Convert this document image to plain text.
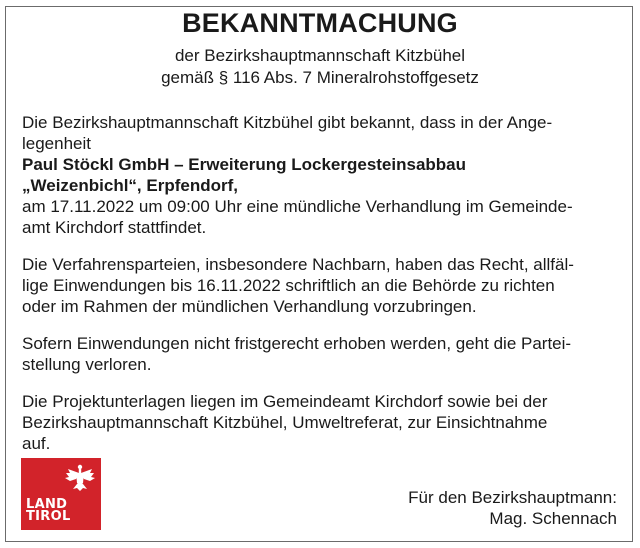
BEKANNTMACHUNG
der Bezirkshauptmannschaft Kitzbühel
gemäß § 116 Abs. 7 Mineralrohstoffgesetz

Die Bezirkshauptmannschaft Kitzbühel gibt bekannt, dass in der Ange-
legenheit
Paul Stöckl GmbH – Erweiterung Lockergesteinsabbau
„Weizenbichl“, Erpfendorf,
am 17.11.2022 um 09:00 Uhr eine mündliche Verhandlung im Gemeinde-
amt Kirchdorf stattfindet.

Die Verfahrensparteien, insbesondere Nachbarn, haben das Recht, allfäl-
lige Einwendungen bis 16.11.2022 schriftlich an die Behörde zu richten
oder im Rahmen der mündlichen Verhandlung vorzubringen.

Sofern Einwendungen nicht fristgerecht erhoben werden, geht die Partei-
stellung verloren.

Die Projektunterlagen liegen im Gemeindeamt Kirchdorf sowie bei der
Bezirkshauptmannschaft Kitzbühel, Umweltreferat, zur Einsichtnahme
auf.

LAND
TIROL
Für den Bezirkshauptmann:
Mag. Schennach
